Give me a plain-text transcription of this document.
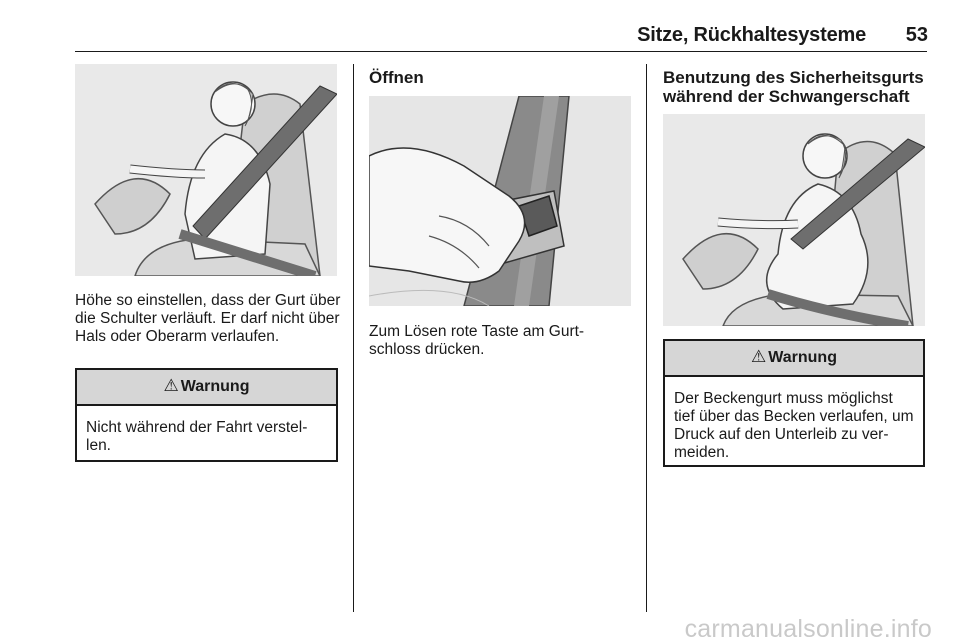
Sitze, Rückhaltesysteme	53

Höhe so einstellen, dass der Gurt über die Schulter verläuft. Er darf nicht über Hals oder Oberarm verlaufen.

⚠ Warnung
Nicht während der Fahrt verstellen.
Öffnen

Zum Lösen rote Taste am Gurtschloss drücken.

Benutzung des Sicherheitsgurts während der Schwangerschaft
⚠ Warnung
Der Beckengurt muss möglichst tief über das Becken verlaufen, um Druck auf den Unterleib zu vermeiden.
carmanualsonline.info
